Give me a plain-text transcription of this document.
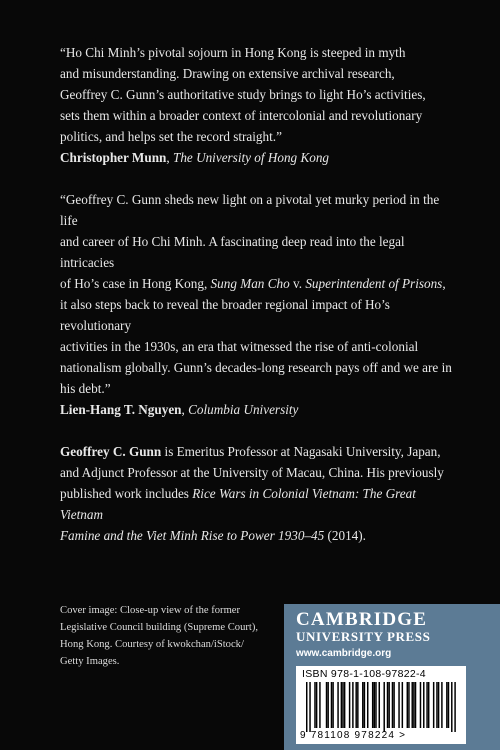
“Ho Chi Minh’s pivotal sojourn in Hong Kong is steeped in myth

and misunderstanding. Drawing on extensive archival research,

Geoffrey C. Gunn’s authoritative study brings to light Ho’s activities,

sets them within a broader context of intercolonial and revolutionary

politics, and helps set the record straight.”

Christopher Munn, The University of Hong Kong

“Geoffrey C. Gunn sheds new light on a pivotal yet murky period in the life

and career of Ho Chi Minh. A fascinating deep read into the legal intricacies

of Ho’s case in Hong Kong, Sung Man Cho v. Superintendent of Prisons,

it also steps back to reveal the broader regional impact of Ho’s revolutionary

activities in the 1930s, an era that witnessed the rise of anti-colonial

nationalism globally. Gunn’s decades-long research pays off and we are in

his debt.”

Lien-Hang T. Nguyen, Columbia University

Geoffrey C. Gunn is Emeritus Professor at Nagasaki University, Japan,

and Adjunct Professor at the University of Macau, China. His previously

published work includes Rice Wars in Colonial Vietnam: The Great Vietnam

Famine and the Viet Minh Rise to Power 1930–45 (2014).

Cover image: Close-up view of the former
Legislative Council building (Supreme Court),
Hong Kong. Courtesy of kwokchan/iStock/
Getty Images.
CAMBRIDGE
UNIVERSITY PRESS
www.cambridge.org
ISBN 978-1-108-97822-4
9 781108 978224 >
